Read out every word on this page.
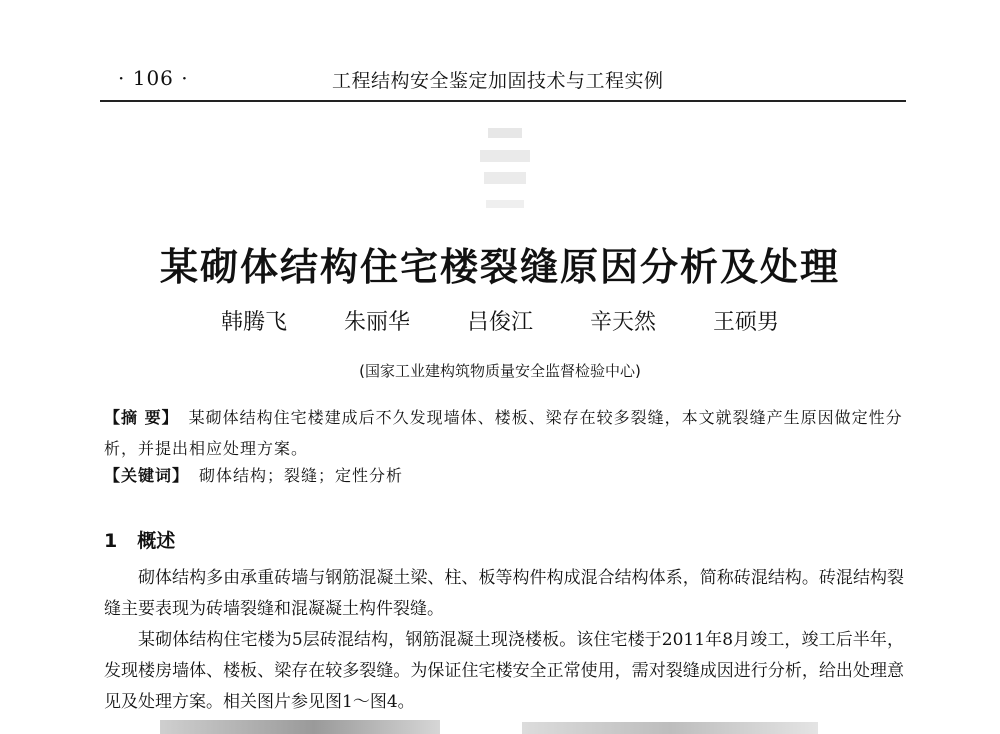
· 106 ·	工程结构安全鉴定加固技术与工程实例
某砌体结构住宅楼裂缝原因分析及处理
韩腾飞	朱丽华	吕俊江	辛天然	王硕男
(国家工业建构筑物质量安全监督检验中心)
【摘 要】 某砌体结构住宅楼建成后不久发现墙体、楼板、梁存在较多裂缝，本文就裂缝产生原因做定性分析，并提出相应处理方案。
【关键词】 砌体结构；裂缝；定性分析
1 概述

砌体结构多由承重砖墙与钢筋混凝土梁、柱、板等构件构成混合结构体系，简称砖混结构。砖混结构裂缝主要表现为砖墙裂缝和混凝凝土构件裂缝。

某砌体结构住宅楼为5层砖混结构，钢筋混凝土现浇楼板。该住宅楼于2011年8月竣工，竣工后半年，发现楼房墙体、楼板、梁存在较多裂缝。为保证住宅楼安全正常使用，需对裂缝成因进行分析，给出处理意见及处理方案。相关图片参见图1～图4。
